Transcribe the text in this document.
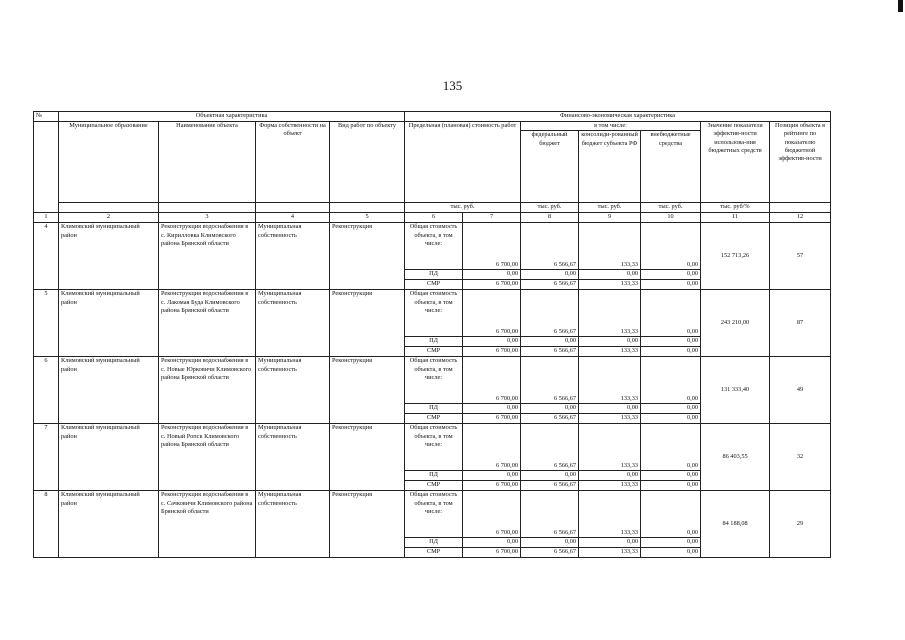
135
№	Объектная характеристика				Финансово-экономическая характеристика						
	Муниципальное образование	Наименование объекта	Форма собственности на объект	Вид работ по объекту	Предельная (плановая) стоимость работ		в том числе:			Значение показателя эффектив-ности использова-ния бюджетных средств	Позиция объекта в рейтинге по показателю бюджетной эффектив-ности
							федеральный бюджет	консолиди-рованный бюджет субъекта РФ	внебюджетные средства		
					тыс. руб.		тыс. руб.	тыс. руб.	тыс. руб.	тыс. руб/%	
1	2	3	4	5	6	7	8	9	10	11	12
4	Климовский муниципальный район	Реконструкция водоснабжения в с. Кирилловка Климовского района Брянской области	Муниципальная собственность	Реконструкция	Общая стоимость объекта, в том числе:	6 700,00	6 566,67	133,33	0,00	152 713,26	57
					ПД	0,00	0,00	0,00	0,00		
					СМР	6 700,00	6 566,67	133,33	0,00		
5	Климовский муниципальный район	Реконструкция водоснабжения в с. Лакомая Буда Климовского района Брянской области	Муниципальная собственность	Реконструкция	Общая стоимость объекта, в том числе:	6 700,00	6 566,67	133,33	0,00	243 210,00	87
					ПД	0,00	0,00	0,00	0,00		
					СМР	6 700,00	6 566,67	133,33	0,00		
6	Климовский муниципальный район	Реконструкция водоснабжения в с. Новые Юрковичи Климовского района Брянской области	Муниципальная собственность	Реконструкция	Общая стоимость объекта, в том числе:	6 700,00	6 566,67	133,33	0,00	131 333,40	49
					ПД	0,00	0,00	0,00	0,00		
					СМР	6 700,00	6 566,67	133,33	0,00		
7	Климовский муниципальный район	Реконструкция водоснабжения в с. Новый Ропск Климовского района Брянской области	Муниципальная собственность	Реконструкция	Общая стоимость объекта, в том числе:	6 700,00	6 566,67	133,33	0,00	86 403,55	32
					ПД	0,00	0,00	0,00	0,00		
					СМР	6 700,00	6 566,67	133,33	0,00		
8	Климовский муниципальный район	Реконструкция водоснабжения в с. Сачковичи Климовского района Брянской области	Муниципальная собственность	Реконструкция	Общая стоимость объекта, в том числе:	6 700,00	6 566,67	133,33	0,00	84 188,08	29
					ПД	0,00	0,00	0,00	0,00		
					СМР	6 700,00	6 566,67	133,33	0,00		
